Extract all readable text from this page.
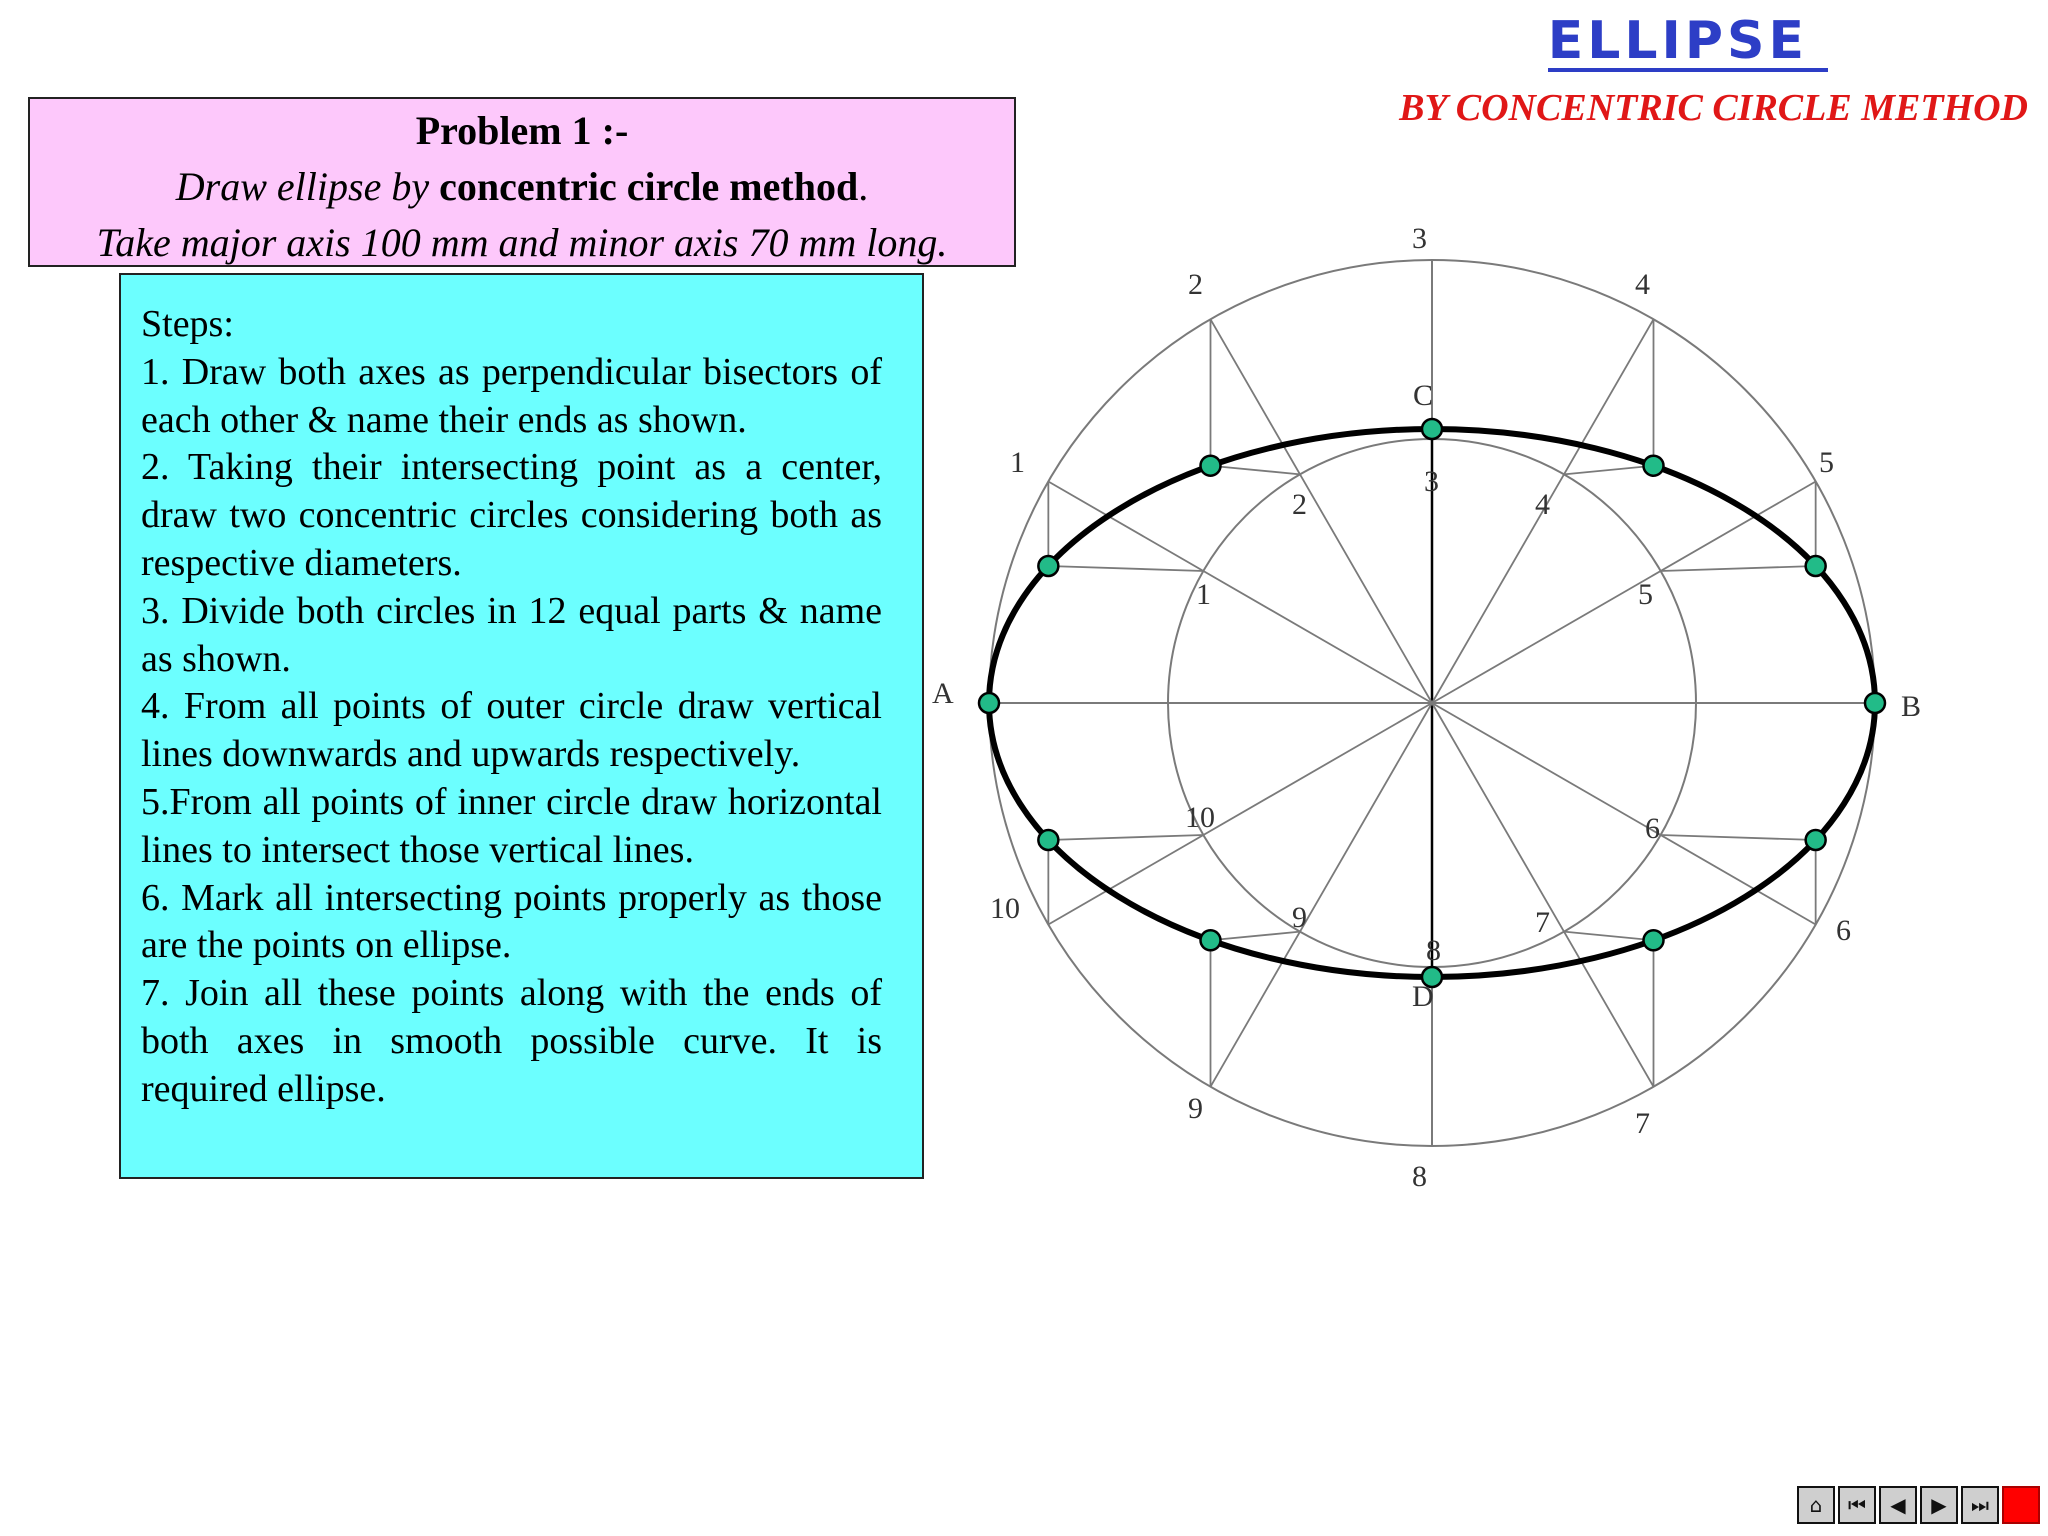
ELLIPSE
BY CONCENTRIC CIRCLE METHOD
Problem 1 :-
Draw ellipse by concentric circle method.
Take major axis 100 mm and minor axis 70 mm long.

Steps:

1. Draw both axes as perpendicular bisectors of each other & name their ends as shown.

2. Taking their intersecting point as a center, draw two concentric circles considering both as respective diameters.

3. Divide both circles in 12 equal parts & name as shown.

4. From all points of outer circle draw vertical lines downwards and upwards respectively.

5.From all points of inner circle draw horizontal lines to intersect those vertical lines.

6. Mark all intersecting points properly as those are the points on ellipse.

7. Join all these points along with the ends of both axes in smooth possible curve. It is required ellipse.

A	B
C
D
3
2	4
1	5
10
6
9	7
8
3
2	4
1	5
10	6
9	7
8
⌂	⏮	◀	▶	⏭
